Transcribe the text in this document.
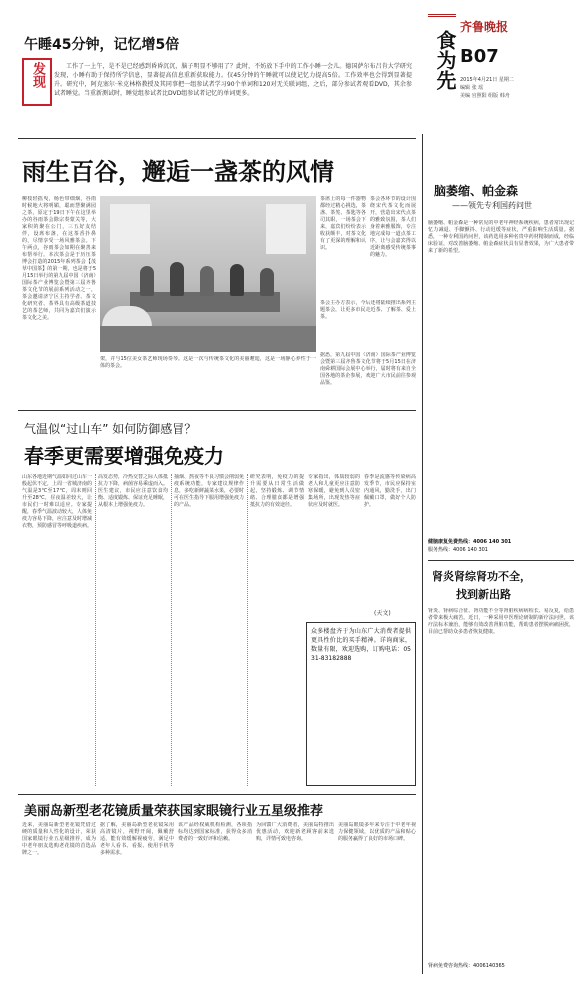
食为先
齐鲁晚报
B07
2015年4月21日 星期二
编辑 张 瑶
美编 官照阳 组版 韩舟
午睡45分钟，记忆增5倍
发现	工作了一上午，是不是已经感到昏昏沉沉，脑子明显不够用了？此时，不妨放下手中的工作小睡一会儿。德国萨尔布吕肯大学研究发现，小睡有助于保持所学信息，显著提高信息重新获取能力。仅45分钟的午睡就可以使记忆力提高5倍。工作效率也会得到显著提升。研究中，阿克塞尔·米克林格教授及其同事把一组参试者学习90个单词和120对无关联词组，之后，部分参试者观看DVD，其余参试者睡觉。当重新测试时，睡觉组参试者比DVD组参试者记忆的单词更多。
雨生百谷，邂逅一盏茶的风情
柳枝轻摇曳，杨色带细烟，谷雨时候地大将明媚，聪而慧聚满园之茶，原定于19日下午在这里举办的谷雨茶会除宗奏蒙关等，大家积的聚在公门，三五好友结伴，设席布盏，在这茶香扑鼻的，尽情享受一场风雅茶会。下午两点，谷雨茶会如期在聚善来布帮举行。本次茶会是于历压茶博会打造的2015年系列茶会【茂草中国茶】的第一期，也是将于5月15日举行的第九届中国（济南）国际茶产业博览会暨第三届齐鲁茶文化节的展前系列活动之一，茶会邀请济宁区主持学者、茶文化研究者、茶界具有高级茶道技艺的茶艺师，共同为嘉宾们演示茶文化之美。
架，并与15位美女茶艺师现场奏琴。这是一次与传统茶文化的美丽邂逅，这是一场静心养性于一体的茶会。
茶席上的每一件器物都经过精心挑选，茶盏、茶筅、茶匙等各司其职，一场茶会下来，嘉宾们纷纷表示收获颇丰，对茶文化有了更深的理解和认识。
茶会各环节的设计围绕宋代茶文化而展开，营造出宋代点茶的雅致氛围，茶人们身着素雅服饰，专注地完成每一道点茶工序，让与会嘉宾得以近距离感受传统茶事的魅力。
茶会主办方表示，今后还将陆续推出系列主题茶会，让更多市民走近茶、了解茶、爱上茶。
据悉，第九届中国（济南）国际茶产业博览会暨第三届齐鲁茶文化节将于5月15日在济南舜耕国际会展中心举行，届时将有来自全国各地的茶企参展，欢迎广大市民前往参观品鉴。
气温似“过山车” 如何防御感冒？
春季更需要增强免疫力
山东各地近期气温如同过山车一般起伏不定，上周一省城济南的气温是3℃至17℃，周末则回升至28℃，昼夜温差较大，让市民们一时难以适应。专家提醒，春季气温波动较大，人体免疫力容易下降，应注意及时增减衣物，预防感冒等呼吸道疾病。
高发态势，冷热交替之际人体抵抗力下降，病菌容易乘虚而入。医生建议，市民应注意饮食均衡、适度锻炼、保证充足睡眠，从根本上增强免疫力。
抽烟、熬夜等不良习惯会削弱免疫系统功能，专家建议规律作息，多吃新鲜蔬菜水果，必要时可在医生指导下服用增强免疫力的产品。
研究表明，免疫力的提升需要从日常生活做起，坚持锻炼、调节情绪、合理膳食都是增强抵抗力的有效途径。
专家指出，体质较弱的老人和儿童更应注意防寒保暖，避免到人员密集场所，出现发热等症状应及时就医。
春季是流感等传染病高发季节，市民应保持室内通风，勤洗手，出门佩戴口罩，做好个人防护。
(天文)
众多楼盘齐于为山东广大消费者提供更具性价比的买手精神。详询商家，数量有限，欢迎选购，订购电话：0531-83182888
美丽岛新型老花镜质量荣获国家眼镜行业五星级推荐
近来，美丽岛新型老花镜凭借过硬的质量和人性化的设计，荣获国家眼镜行业五星级推荐，成为中老年朋友选购老花镜的首选品牌之一。
据了解，美丽岛新型老花镜采用高清镜片，视野开阔，佩戴舒适，能有效缓解视疲劳，满足中老年人看书、看报、使用手机等多种需求。
该产品经权威机构检测，各项指标均达到国家标准，获得众多消费者的一致好评和信赖。
为回馈广大消费者，美丽岛特推出优惠活动，欢迎新老顾客前来选购，详情可致电咨询。
美丽岛眼镜多年来专注于中老年视力保健领域，以优质的产品和贴心的服务赢得了良好的市场口碑。
脑萎缩、帕金森
——领先专利国药问世
脑萎缩、帕金森是一种常见的中老年神经系统疾病，患者常出现记忆力减退、手脚颤抖、行动迟缓等症状，严重影响生活质量。据悉，一种专利国药问世，该药选用多种名贵中药材精制而成，经临床验证，对改善脑萎缩、帕金森症状具有显著效果，为广大患者带来了新的希望。
健脑康复免费热线：4006 140 301
服务热线：4006 140 301
肾炎肾综肾功不全，
找到新出路
肾炎、肾病综合征、肾功能不全等肾脏疾病病程长、易反复，给患者带来极大痛苦。近日，一种采用中医理论研制的新疗法问世，该疗法标本兼治，能够有效改善肾脏功能，帮助患者摆脱病痛困扰，目前已帮助众多患者恢复健康。
肾病免费咨询热线：4006140365
